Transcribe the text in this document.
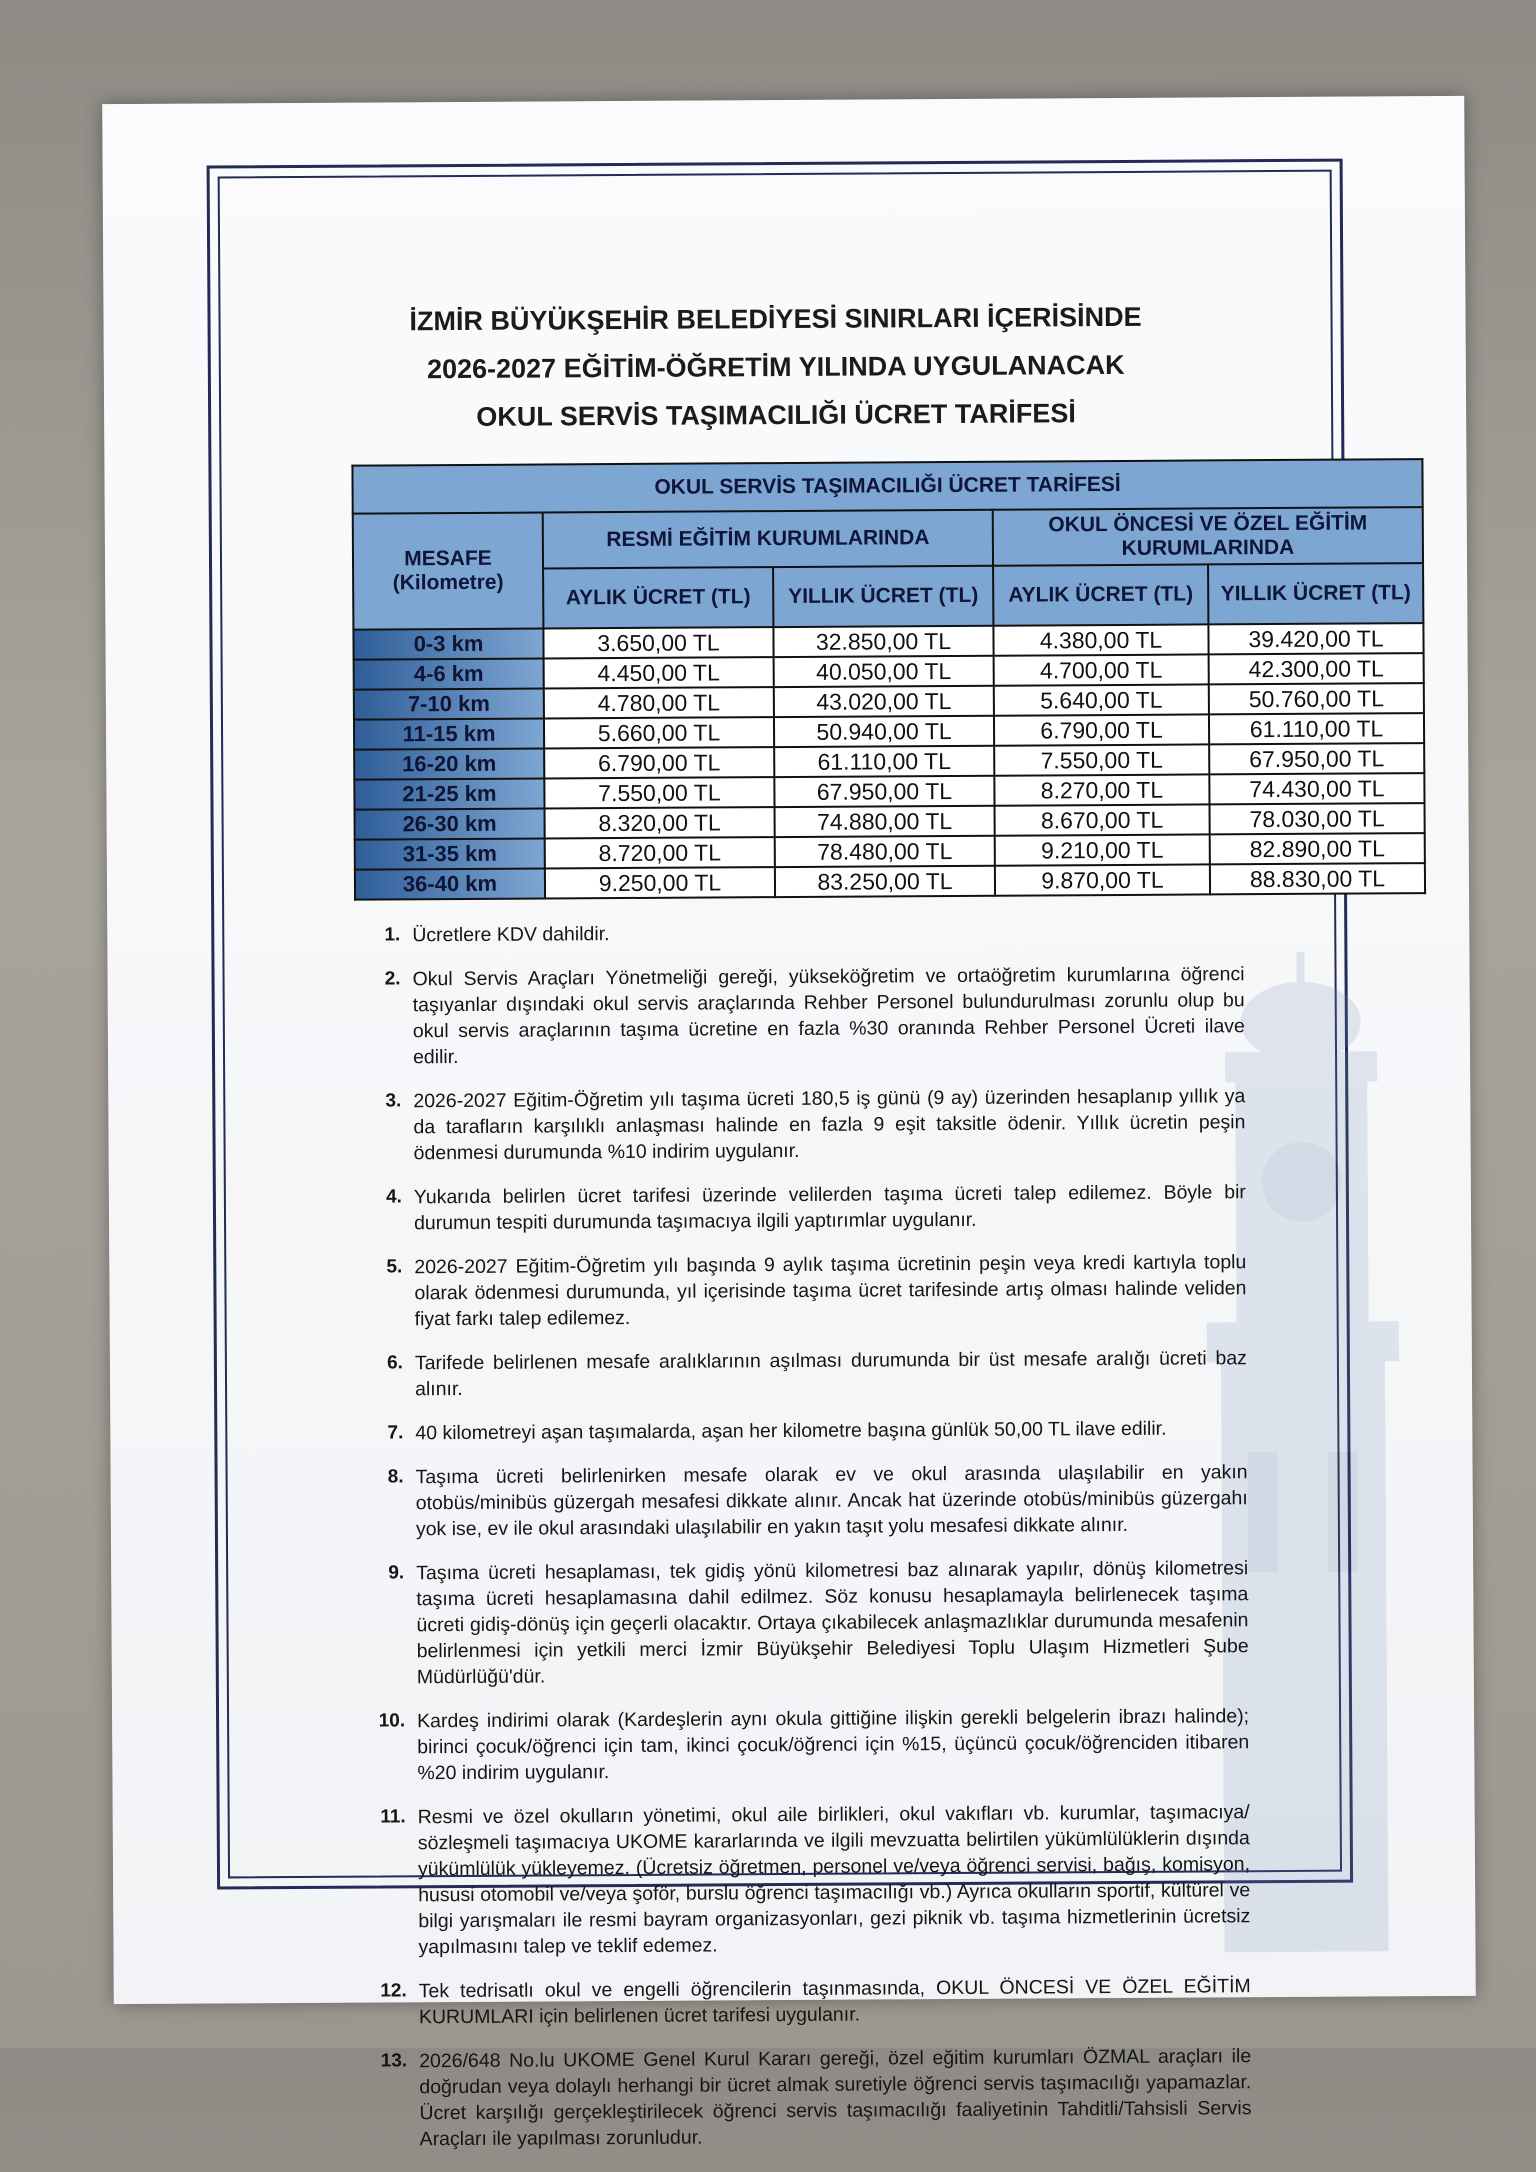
İZMİR BÜYÜKŞEHİR BELEDİYESİ SINIRLARI İÇERİSİNDE
2026-2027 EĞİTİM-ÖĞRETİM YILINDA UYGULANACAK
OKUL SERVİS TAŞIMACILIĞI ÜCRET TARİFESİ
OKUL SERVİS TAŞIMACILIĞI ÜCRET TARİFESİ				
MESAFE (Kilometre)	RESMİ EĞİTİM KURUMLARINDA		OKUL ÖNCESİ VE ÖZEL EĞİTİM KURUMLARINDA	
	AYLIK ÜCRET (TL)	YILLIK ÜCRET (TL)	AYLIK ÜCRET (TL)	YILLIK ÜCRET (TL)
0-3 km	3.650,00 TL	32.850,00 TL	4.380,00 TL	39.420,00 TL
4-6 km	4.450,00 TL	40.050,00 TL	4.700,00 TL	42.300,00 TL
7-10 km	4.780,00 TL	43.020,00 TL	5.640,00 TL	50.760,00 TL
11-15 km	5.660,00 TL	50.940,00 TL	6.790,00 TL	61.110,00 TL
16-20 km	6.790,00 TL	61.110,00 TL	7.550,00 TL	67.950,00 TL
21-25 km	7.550,00 TL	67.950,00 TL	8.270,00 TL	74.430,00 TL
26-30 km	8.320,00 TL	74.880,00 TL	8.670,00 TL	78.030,00 TL
31-35 km	8.720,00 TL	78.480,00 TL	9.210,00 TL	82.890,00 TL
36-40 km	9.250,00 TL	83.250,00 TL	9.870,00 TL	88.830,00 TL
1. Ücretlere KDV dahildir.
2. Okul Servis Araçları Yönetmeliği gereği, yükseköğretim ve ortaöğretim kurumlarına öğrenci taşıyanlar dışındaki okul servis araçlarında Rehber Personel bulundurulması zorunlu olup bu okul servis araçlarının taşıma ücretine en fazla %30 oranında Rehber Personel Ücreti ilave edilir.
3. 2026-2027 Eğitim-Öğretim yılı taşıma ücreti 180,5 iş günü (9 ay) üzerinden hesaplanıp yıllık ya da tarafların karşılıklı anlaşması halinde en fazla 9 eşit taksitle ödenir. Yıllık ücretin peşin ödenmesi durumunda %10 indirim uygulanır.
4. Yukarıda belirlen ücret tarifesi üzerinde velilerden taşıma ücreti talep edilemez. Böyle bir durumun tespiti durumunda taşımacıya ilgili yaptırımlar uygulanır.
5. 2026-2027 Eğitim-Öğretim yılı başında 9 aylık taşıma ücretinin peşin veya kredi kartıyla toplu olarak ödenmesi durumunda, yıl içerisinde taşıma ücret tarifesinde artış olması halinde veliden fiyat farkı talep edilemez.
6. Tarifede belirlenen mesafe aralıklarının aşılması durumunda bir üst mesafe aralığı ücreti baz alınır.
7. 40 kilometreyi aşan taşımalarda, aşan her kilometre başına günlük 50,00 TL ilave edilir.
8. Taşıma ücreti belirlenirken mesafe olarak ev ve okul arasında ulaşılabilir en yakın otobüs/minibüs güzergah mesafesi dikkate alınır. Ancak hat üzerinde otobüs/minibüs güzergahı yok ise, ev ile okul arasındaki ulaşılabilir en yakın taşıt yolu mesafesi dikkate alınır.
9. Taşıma ücreti hesaplaması, tek gidiş yönü kilometresi baz alınarak yapılır, dönüş kilometresi taşıma ücreti hesaplamasına dahil edilmez. Söz konusu hesaplamayla belirlenecek taşıma ücreti gidiş-dönüş için geçerli olacaktır. Ortaya çıkabilecek anlaşmazlıklar durumunda mesafenin belirlenmesi için yetkili merci İzmir Büyükşehir Belediyesi Toplu Ulaşım Hizmetleri Şube Müdürlüğü'dür.
10. Kardeş indirimi olarak (Kardeşlerin aynı okula gittiğine ilişkin gerekli belgelerin ibrazı halinde); birinci çocuk/öğrenci için tam, ikinci çocuk/öğrenci için %15, üçüncü çocuk/öğrenciden itibaren %20 indirim uygulanır.
11. Resmi ve özel okulların yönetimi, okul aile birlikleri, okul vakıfları vb. kurumlar, taşımacıya/ sözleşmeli taşımacıya UKOME kararlarında ve ilgili mevzuatta belirtilen yükümlülüklerin dışında yükümlülük yükleyemez. (Ücretsiz öğretmen, personel ve/veya öğrenci servisi, bağış, komisyon, hususi otomobil ve/veya şoför, burslu öğrenci taşımacılığı vb.) Ayrıca okulların sportif, kültürel ve bilgi yarışmaları ile resmi bayram organizasyonları, gezi piknik vb. taşıma hizmetlerinin ücretsiz yapılmasını talep ve teklif edemez.
12. Tek tedrisatlı okul ve engelli öğrencilerin taşınmasında, OKUL ÖNCESİ VE ÖZEL EĞİTİM KURUMLARI için belirlenen ücret tarifesi uygulanır.
13. 2026/648 No.lu UKOME Genel Kurul Kararı gereği, özel eğitim kurumları ÖZMAL araçları ile doğrudan veya dolaylı herhangi bir ücret almak suretiyle öğrenci servis taşımacılığı yapamazlar. Ücret karşılığı gerçekleştirilecek öğrenci servis taşımacılığı faaliyetinin Tahditli/Tahsisli Servis Araçları ile yapılması zorunludur.
